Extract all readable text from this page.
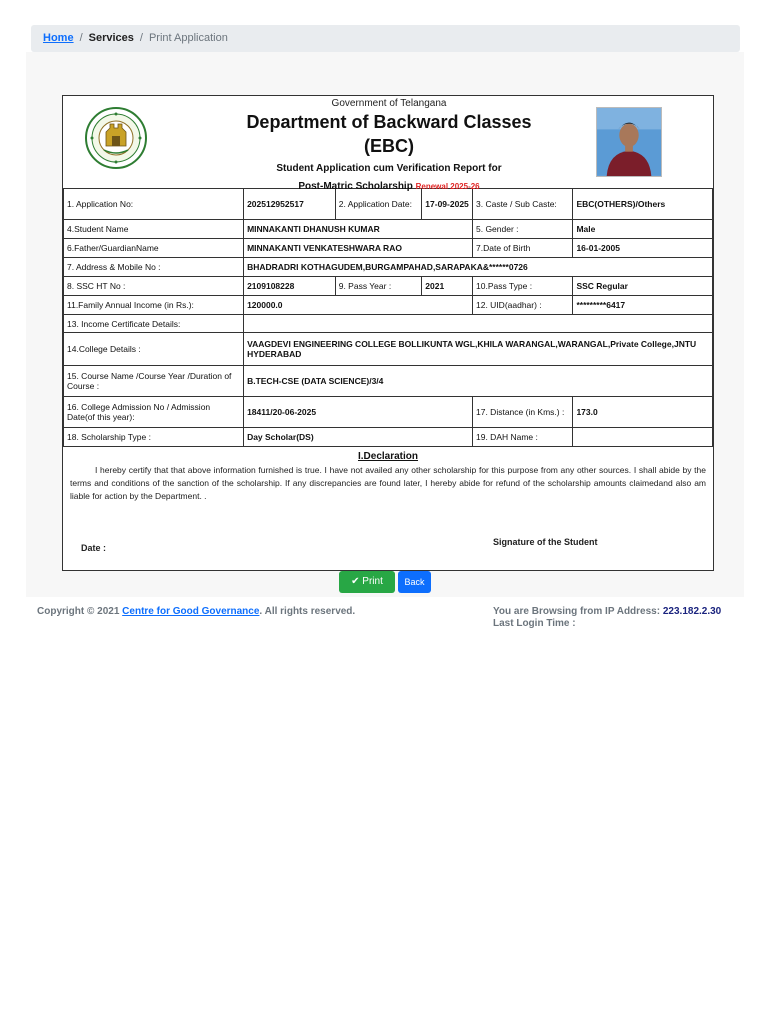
Home / Services / Print Application
Government of Telangana
Department of Backward Classes
(EBC)
Student Application cum Verification Report for
Post-Matric Scholarship Renewal 2025-26
1. Application No:	202512952517	2. Application Date:	17-09-2025	3. Caste / Sub Caste:	EBC(OTHERS)/Others
4.Student Name	MINNAKANTI DHANUSH KUMAR			5. Gender :	Male
6.Father/GuardianName	MINNAKANTI VENKATESHWARA RAO			7.Date of Birth	16-01-2005
7. Address & Mobile No :	BHADRADRI KOTHAGUDEM,BURGAMPAHAD,SARAPAKA&******0726				
8. SSC HT No :	2109108228	9. Pass Year :	2021	10.Pass Type :	SSC Regular
11.Family Annual Income (in Rs.):	120000.0			12. UID(aadhar) :	*********6417
13. Income Certificate Details:					
14.College Details :	VAAGDEVI ENGINEERING COLLEGE BOLLIKUNTA WGL,KHILA WARANGAL,WARANGAL,Private College,JNTU HYDERABAD				
15. Course Name /Course Year /Duration of Course :	B.TECH-CSE (DATA SCIENCE)/3/4				
16. College Admission No / Admission Date(of this year):	18411/20-06-2025			17. Distance (in Kms.) :	173.0
18. Scholarship Type :	Day Scholar(DS)			19. DAH Name :	
I.Declaration
I hereby certify that that above information furnished is true. I have not availed any other scholarship for this purpose from any other sources. I shall abide by the terms and conditions of the sanction of the scholarship. If any discrepancies are found later, I hereby abide for refund of the scholarship amounts claimedand also am liable for action by the Department. .
Date :
Signature of the Student
✔ Print	Back
Copyright © 2021 Centre for Good Governance. All rights reserved.	You are Browsing from IP Address: 223.182.2.30
Last Login Time :
